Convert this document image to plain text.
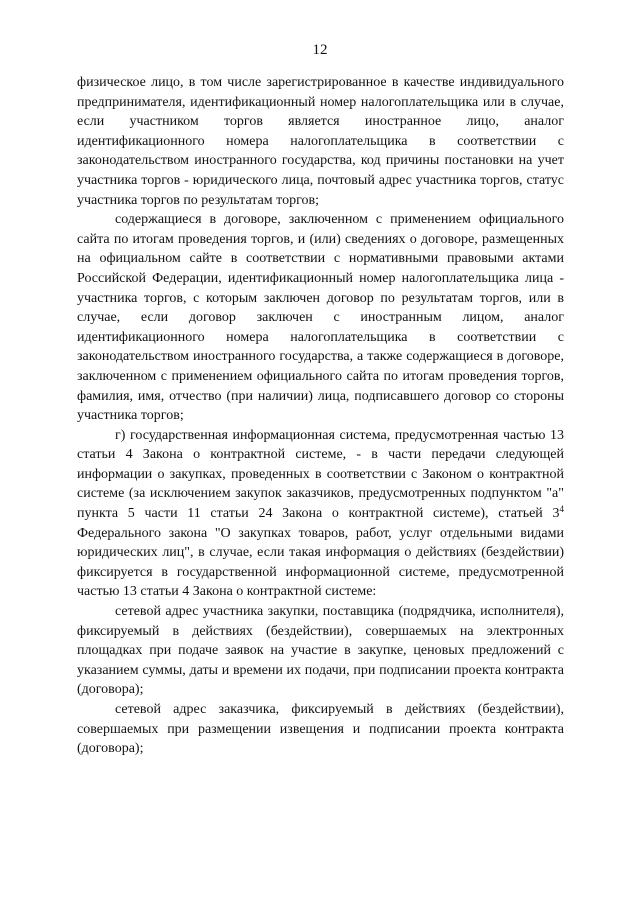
12

физическое лицо, в том числе зарегистрированное в качестве индивидуального предпринимателя, идентификационный номер налогоплательщика или в случае, если участником торгов является иностранное лицо, аналог идентификационного номера налогоплательщика в соответствии с законодательством иностранного государства, код причины постановки на учет участника торгов - юридического лица, почтовый адрес участника торгов, статус участника торгов по результатам торгов;

содержащиеся в договоре, заключенном с применением официального сайта по итогам проведения торгов, и (или) сведениях о договоре, размещенных на официальном сайте в соответствии с нормативными правовыми актами Российской Федерации, идентификационный номер налогоплательщика лица - участника торгов, с которым заключен договор по результатам торгов, или в случае, если договор заключен с иностранным лицом, аналог идентификационного номера налогоплательщика в соответствии с законодательством иностранного государства, а также содержащиеся в договоре, заключенном с применением официального сайта по итогам проведения торгов, фамилия, имя, отчество (при наличии) лица, подписавшего договор со стороны участника торгов;

г) государственная информационная система, предусмотренная частью 13 статьи 4 Закона о контрактной системе, - в части передачи следующей информации о закупках, проведенных в соответствии с Законом о контрактной системе (за исключением закупок заказчиков, предусмотренных подпунктом "а" пункта 5 части 11 статьи 24 Закона о контрактной системе), статьей $3^4$ Федерального закона "О закупках товаров, работ, услуг отдельными видами юридических лиц", в случае, если такая информация о действиях (бездействии) фиксируется в государственной информационной системе, предусмотренной частью 13 статьи 4 Закона о контрактной системе:

сетевой адрес участника закупки, поставщика (подрядчика, исполнителя), фиксируемый в действиях (бездействии), совершаемых на электронных площадках при подаче заявок на участие в закупке, ценовых предложений с указанием суммы, даты и времени их подачи, при подписании проекта контракта (договора);

сетевой адрес заказчика, фиксируемый в действиях (бездействии), совершаемых при размещении извещения и подписании проекта контракта (договора);
